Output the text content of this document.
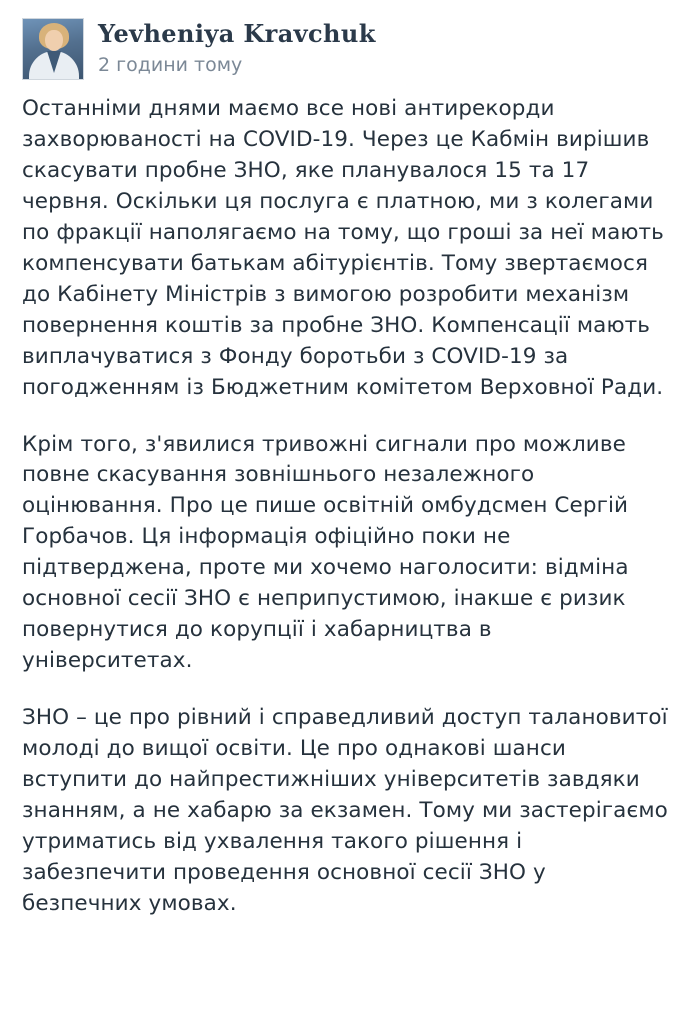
Yevheniya Kravchuk
2 години тому

Останніми днями маємо все нові антирекорди захворюваності на COVID-19. Через це Кабмін вирішив скасувати пробне ЗНО, яке планувалося 15 та 17 червня. Оскільки ця послуга є платною, ми з колегами по фракції наполягаємо на тому, що гроші за неї мають компенсувати батькам абітурієнтів. Тому звертаємося до Кабінету Міністрів з вимогою розробити механізм повернення коштів за пробне ЗНО. Компенсації мають виплачуватися з Фонду боротьби з COVID-19 за погодженням із Бюджетним комітетом Верховної Ради.

Крім того, з'явилися тривожні сигнали про можливе повне скасування зовнішнього незалежного оцінювання. Про це пише освітній омбудсмен Сергій Горбачов. Ця інформація офіційно поки не підтверджена, проте ми хочемо наголосити: відміна основної сесії ЗНО є неприпустимою, інакше є ризик повернутися до корупції і хабарництва в університетах.

ЗНО – це про рівний і справедливий доступ талановитої молоді до вищої освіти. Це про однакові шанси вступити до найпрестижніших університетів завдяки знанням, а не хабарю за екзамен. Тому ми застерігаємо утриматись від ухвалення такого рішення і забезпечити проведення основної сесії ЗНО у безпечних умовах.
